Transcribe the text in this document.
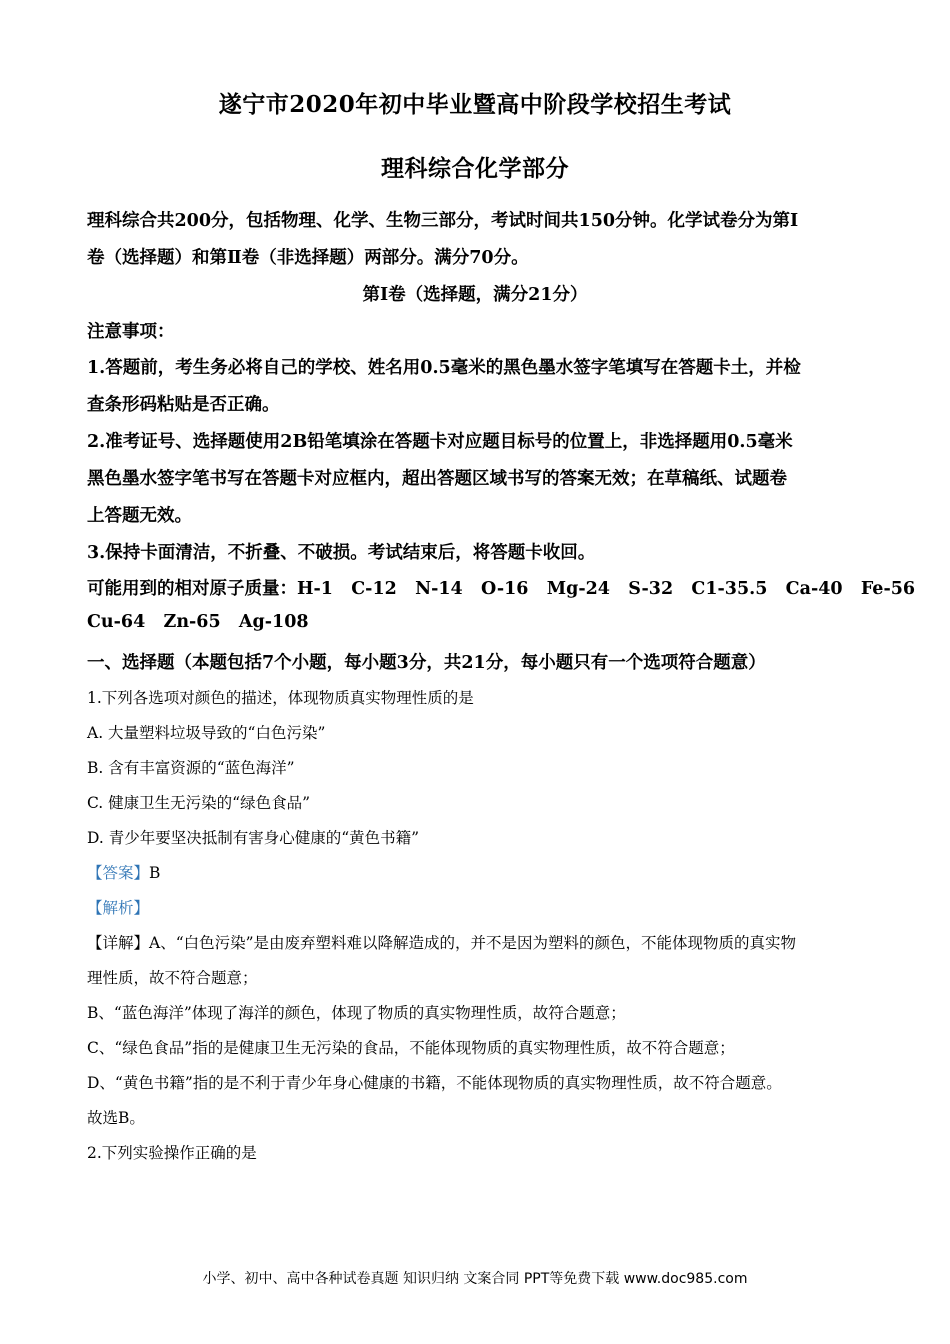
遂宁市2020年初中毕业暨高中阶段学校招生考试
理科综合化学部分
理科综合共200分，包括物理、化学、生物三部分，考试时间共150分钟。化学试卷分为第I
卷（选择题）和第Ⅱ卷（非选择题）两部分。满分70分。
第I卷（选择题，满分21分）
注意事项：
1.答题前，考生务必将自己的学校、姓名用0.5毫米的黑色墨水签字笔填写在答题卡土，并检
查条形码粘贴是否正确。
2.准考证号、选择题使用2B铅笔填涂在答题卡对应题目标号的位置上，非选择题用0.5毫米
黑色墨水签字笔书写在答题卡对应框内，超出答题区域书写的答案无效；在草稿纸、试题卷
上答题无效。
3.保持卡面清洁，不折叠、不破损。考试结束后，将答题卡收回。
可能用到的相对原子质量：H-1   C-12   N-14   O-16   Mg-24   S-32   C1-35.5   Ca-40   Fe-56
Cu-64   Zn-65   Ag-108
一、选择题（本题包括7个小题，每小题3分，共21分，每小题只有一个选项符合题意）
1.下列各选项对颜色的描述，体现物质真实物理性质的是
A. 大量塑料垃圾导致的“白色污染”
B. 含有丰富资源的“蓝色海洋”
C. 健康卫生无污染的“绿色食品”
D. 青少年要坚决抵制有害身心健康的“黄色书籍”
【答案】B
【解析】
【详解】A、“白色污染”是由废弃塑料难以降解造成的，并不是因为塑料的颜色，不能体现物质的真实物
理性质，故不符合题意；
B、“蓝色海洋”体现了海洋的颜色，体现了物质的真实物理性质，故符合题意；
C、“绿色食品”指的是健康卫生无污染的食品，不能体现物质的真实物理性质，故不符合题意；
D、“黄色书籍”指的是不利于青少年身心健康的书籍，不能体现物质的真实物理性质，故不符合题意。
故选B。
2.下列实验操作正确的是
小学、初中、高中各种试卷真题 知识归纳 文案合同 PPT等免费下载 www.doc985.com
